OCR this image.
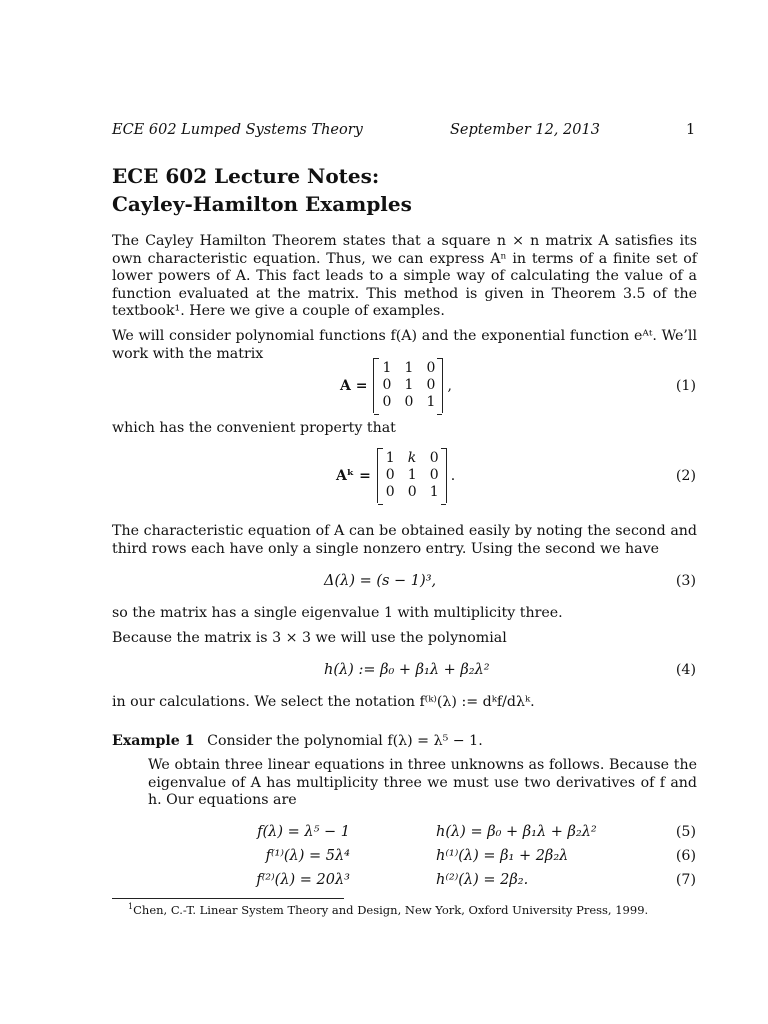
ECE 602 Lumped Systems Theory	September 12, 2013	1
ECE 602 Lecture Notes:
Cayley-Hamilton Examples

The Cayley Hamilton Theorem states that a square n × n matrix A satisfies its own characteristic equation. Thus, we can express Aⁿ in terms of a finite set of lower powers of A. This fact leads to a simple way of calculating the value of a function evaluated at the matrix. This method is given in Theorem 3.5 of the textbook¹. Here we give a couple of examples.

We will consider polynomial functions f(A) and the exponential function eᴬᵗ. We’ll work with the matrix

A =
1 1 0
0 1 0
0 0 1
,	(1)

which has the convenient property that

Aᵏ =
1 k 0
0 1 0
0 0 1
.	(2)

The characteristic equation of A can be obtained easily by noting the second and third rows each have only a single nonzero entry. Using the second we have

Δ(λ) = (s − 1)³,	(3)

so the matrix has a single eigenvalue 1 with multiplicity three.

Because the matrix is 3 × 3 we will use the polynomial

h(λ) := β₀ + β₁λ + β₂λ²	(4)

in our calculations. We select the notation f⁽ᵏ⁾(λ) := dᵏf/dλᵏ.

Example 1 Consider the polynomial f(λ) = λ⁵ − 1.

We obtain three linear equations in three unknowns as follows. Because the eigenvalue of A has multiplicity three we must use two derivatives of f and h. Our equations are

f(λ) = λ⁵ − 1	h(λ) = β₀ + β₁λ + β₂λ²	(5)
f⁽¹⁾(λ) = 5λ⁴	h⁽¹⁾(λ) = β₁ + 2β₂λ	(6)
f⁽²⁾(λ) = 20λ³	h⁽²⁾(λ) = 2β₂.	(7)
$^1$Chen, C.-T. Linear System Theory and Design, New York, Oxford University Press, 1999.
